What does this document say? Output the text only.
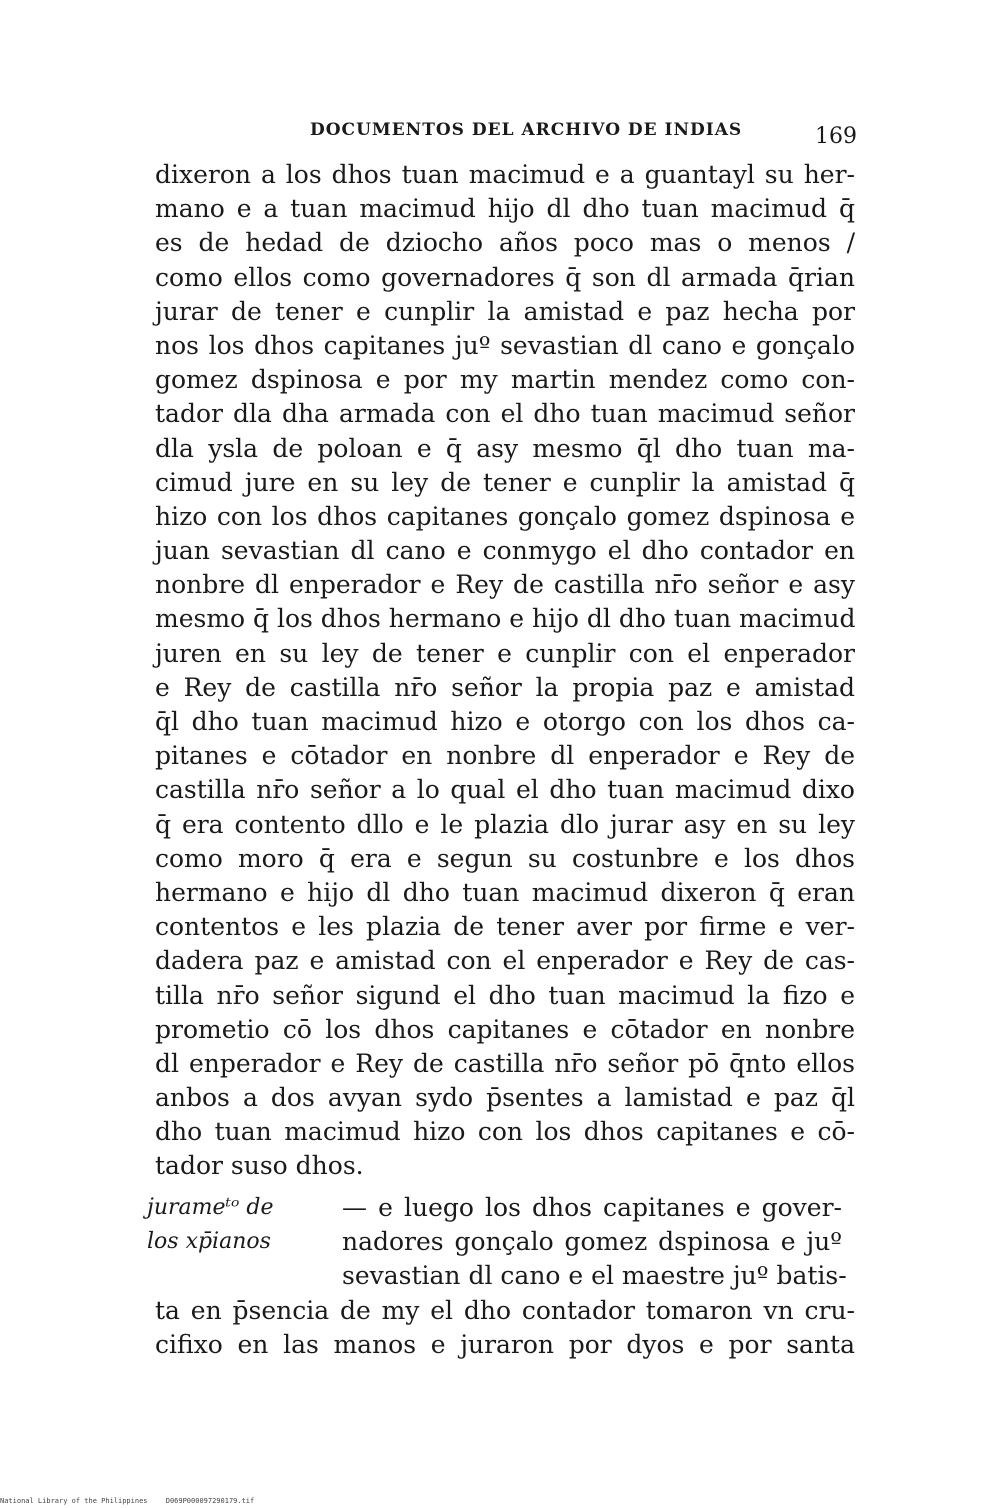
DOCUMENTOS DEL ARCHIVO DE INDIAS	169
dixeron a los dhos tuan macimud e a guantayl su her-
mano e a tuan macimud hijo dl dho tuan macimud q̄
es de hedad de dziocho años poco mas o menos /
como ellos como governadores q̄ son dl armada q̄rian
jurar de tener e cunplir la amistad e paz hecha por
nos los dhos capitanes juº sevastian dl cano e gonçalo
gomez dspinosa e por my martin mendez como con-
tador dla dha armada con el dho tuan macimud señor
dla ysla de poloan e q̄ asy mesmo q̄l dho tuan ma-
cimud jure en su ley de tener e cunplir la amistad q̄
hizo con los dhos capitanes gonçalo gomez dspinosa e
juan sevastian dl cano e conmygo el dho contador en
nonbre dl enperador e Rey de castilla nr̄o señor e asy
mesmo q̄ los dhos hermano e hijo dl dho tuan macimud
juren en su ley de tener e cunplir con el enperador
e Rey de castilla nr̄o señor la propia paz e amistad
q̄l dho tuan macimud hizo e otorgo con los dhos ca-
pitanes e cōtador en nonbre dl enperador e Rey de
castilla nr̄o señor a lo qual el dho tuan macimud dixo
q̄ era contento dllo e le plazia dlo jurar asy en su ley
como moro q̄ era e segun su costunbre e los dhos
hermano e hijo dl dho tuan macimud dixeron q̄ eran
contentos e les plazia de tener aver por firme e ver-
dadera paz e amistad con el enperador e Rey de cas-
tilla nr̄o señor sigund el dho tuan macimud la fizo e
prometio cō los dhos capitanes e cōtador en nonbre
dl enperador e Rey de castilla nr̄o señor pō q̄nto ellos
anbos a dos avyan sydo p̄sentes a lamistad e paz q̄l
dho tuan macimud hizo con los dhos capitanes e cō-
tador suso dhos.
jurameᵗᵒ de
los xp̄ianos
— e luego los dhos capitanes e gover-
nadores gonçalo gomez dspinosa e juº
sevastian dl cano e el maestre juº batis-
ta en p̄sencia de my el dho contador tomaron vn cru-
cifixo en las manos e juraron por dyos e por santa
National Library of the Philippines	D069P000097290179.tif
